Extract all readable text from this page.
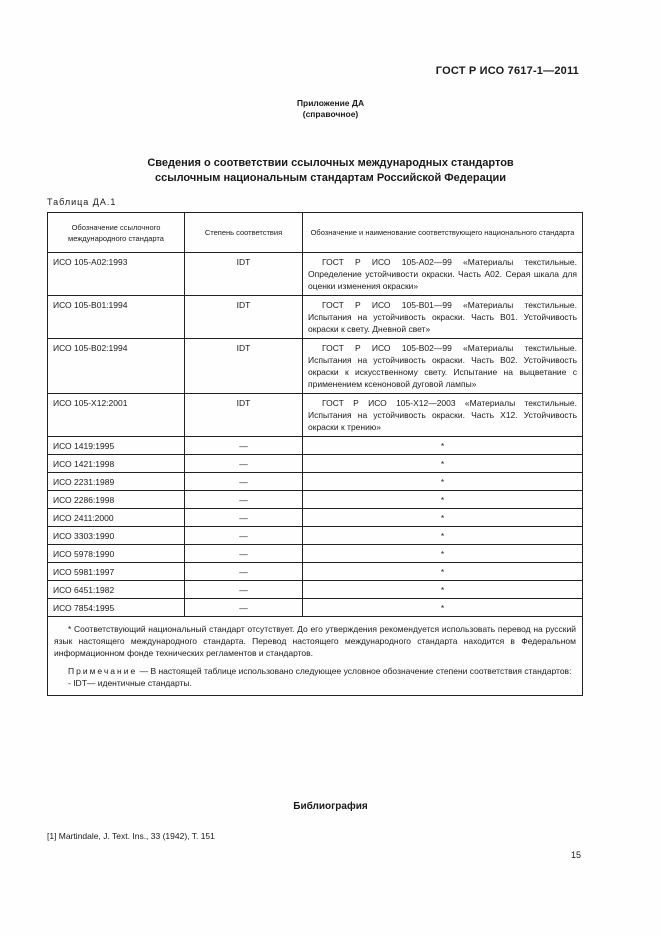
ГОСТ Р ИСО 7617-1—2011
Приложение ДА
(справочное)
Сведения о соответствии ссылочных международных стандартов
ссылочным национальным стандартам Российской Федерации
Таблица ДА.1
Обозначение ссылочного международного стандарта	Степень соответствия	Обозначение и наименование соответствующего национального стандарта
ИСО 105-А02:1993	IDT	ГОСТ Р ИСО 105-А02—99 «Материалы текстильные. Определение устойчивости окраски. Часть А02. Серая шкала для оценки изменения окраски»
ИСО 105-В01:1994	IDT	ГОСТ Р ИСО 105-В01—99 «Материалы текстильные. Испытания на устойчивость окраски. Часть В01. Устойчивость окраски к свету. Дневной свет»
ИСО 105-В02:1994	IDT	ГОСТ Р ИСО 105-В02—99 «Материалы текстильные. Испытания на устойчивость окраски. Часть В02. Устойчивость окраски к искусственному свету. Испытание на выцветание с применением ксеноновой дуговой лампы»
ИСО 105-Х12:2001	IDT	ГОСТ Р ИСО 105-Х12—2003 «Материалы текстильные. Испытания на устойчивость окраски. Часть Х12. Устойчивость окраски к трению»
ИСО 1419:1995	—	*
ИСО 1421:1998	—	*
ИСО 2231:1989	—	*
ИСО 2286:1998	—	*
ИСО 2411:2000	—	*
ИСО 3303:1990	—	*
ИСО 5978:1990	—	*
ИСО 5981:1997	—	*
ИСО 6451:1982	—	*
ИСО 7854:1995	—	*

* Соответствующий национальный стандарт отсутствует. До его утверждения рекомендуется использовать перевод на русский язык настоящего международного стандарта. Перевод настоящего международного стандарта находится в Федеральном информационном фонде технических регламентов и стандартов.
Примечание — В настоящей таблице использовано следующее условное обозначение степени соответствия стандартов:
- IDT— идентичные стандарты.		
Библиография
[1] Martindale, J. Text. Ins., 33 (1942), T. 151
15
